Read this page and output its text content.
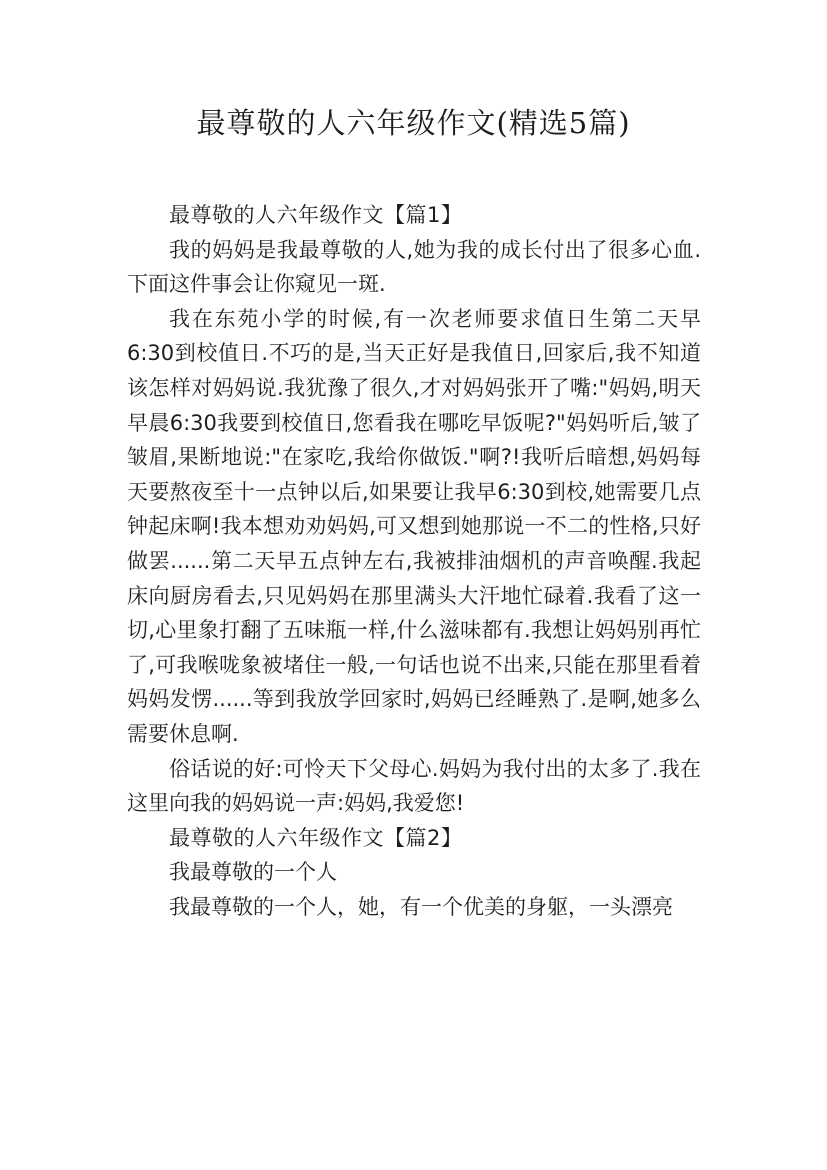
最尊敬的人六年级作文(精选5篇)

最尊敬的人六年级作文【篇1】

我的妈妈是我最尊敬的人,她为我的成长付出了很多心血.下面这件事会让你窥见一斑.

我在东苑小学的时候,有一次老师要求值日生第二天早6:30到校值日.不巧的是,当天正好是我值日,回家后,我不知道该怎样对妈妈说.我犹豫了很久,才对妈妈张开了嘴:"妈妈,明天早晨6:30我要到校值日,您看我在哪吃早饭呢?"妈妈听后,皱了皱眉,果断地说:"在家吃,我给你做饭."啊?!我听后暗想,妈妈每天要熬夜至十一点钟以后,如果要让我早6:30到校,她需要几点钟起床啊!我本想劝劝妈妈,可又想到她那说一不二的性格,只好做罢......第二天早五点钟左右,我被排油烟机的声音唤醒.我起床向厨房看去,只见妈妈在那里满头大汗地忙碌着.我看了这一切,心里象打翻了五味瓶一样,什么滋味都有.我想让妈妈别再忙了,可我喉咙象被堵住一般,一句话也说不出来,只能在那里看着妈妈发愣......等到我放学回家时,妈妈已经睡熟了.是啊,她多么需要休息啊.

俗话说的好:可怜天下父母心.妈妈为我付出的太多了.我在这里向我的妈妈说一声:妈妈,我爱您!

最尊敬的人六年级作文【篇2】

我最尊敬的一个人

我最尊敬的一个人，她，有一个优美的身躯，一头漂亮
